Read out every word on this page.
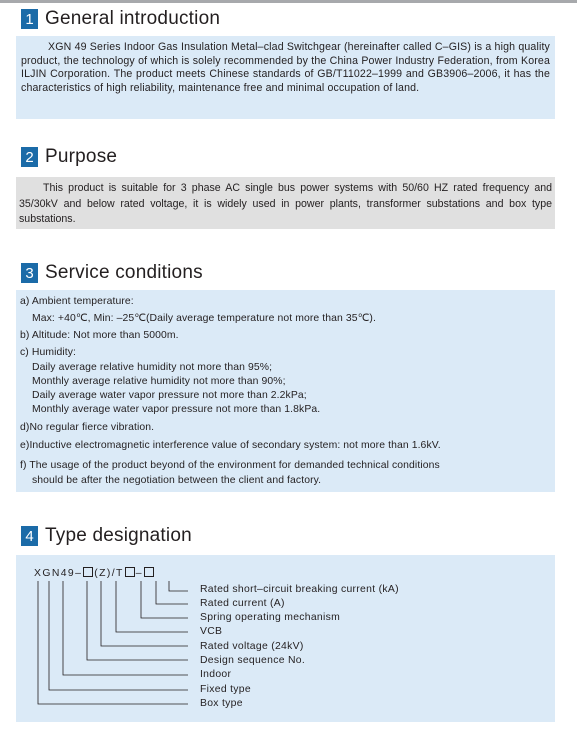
1 General introduction

XGN 49 Series Indoor Gas Insulation Metal–clad Switchgear (hereinafter called C–GIS) is a high quality product, the technology of which is solely recommended by the China Power Industry Federation, from Korea ILJIN Corporation. The product meets Chinese standards of GB/T11022–1999 and GB3906–2006, it has the characteristics of high reliability, maintenance free and minimal occupation of land.

2 Purpose

This product is suitable for 3 phase AC single bus power systems with 50/60 HZ rated frequency and 35/30kV and below rated voltage, it is widely used in power plants, transformer substations and box type substations.

3 Service conditions
a) Ambient temperature:
Max: +40℃, Min: –25℃(Daily average temperature not more than 35℃).
b) Altitude: Not more than 5000m.
c) Humidity:
Daily average relative humidity not more than 95%;
Monthly average relative humidity not more than 90%;
Daily average water vapor pressure not more than 2.2kPa;
Monthly average water vapor pressure not more than 1.8kPa.
d)No regular fierce vibration.
e)Inductive electromagnetic interference value of secondary system: not more than 1.6kV.
f) The usage of the product beyond of the environment for demanded technical conditions
should be after the negotiation between the client and factory.
4 Type designation
XGN49– (Z)/T –
Rated short–circuit breaking current (kA)
Rated current (A)
Spring operating mechanism
VCB
Rated voltage (24kV)
Design sequence No.
Indoor
Fixed type
Box type
